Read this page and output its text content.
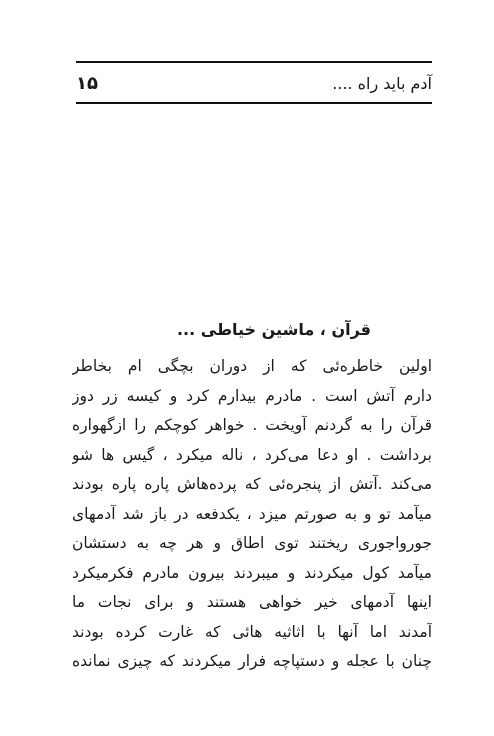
۱۵	آدم باید راه ....
قرآن ، ماشین خیاطی ...
اولین خاطره‌ئی که از دوران بچگی ام بخاطر
دارم آتش است . مادرم بیدارم کرد و کیسه زر دوز
قرآن را به گردنم آویخت . خواهر کوچکم را ازگهواره
برداشت . او دعا می‌کرد ، ناله میکرد ، گیس ها شو
می‌کند .آتش از پنجره‌ئی که پرده‌هاش پاره پاره بودند
میآمد تو و به صورتم میزد ، یکدفعه در باز شد آدمهای
جورواجوری ریختند توی اطاق و هر چه به دستشان
میآمد کول میکردند و میبردند بیرون مادرم فکرمیکرد
اینها آدمهای خیر خواهی هستند و برای نجات ما
آمدند اما آنها با اثاثیه هائی که غارت کرده بودند
چنان با عجله و دستپاچه فرار میکردند که چیزی نمانده
